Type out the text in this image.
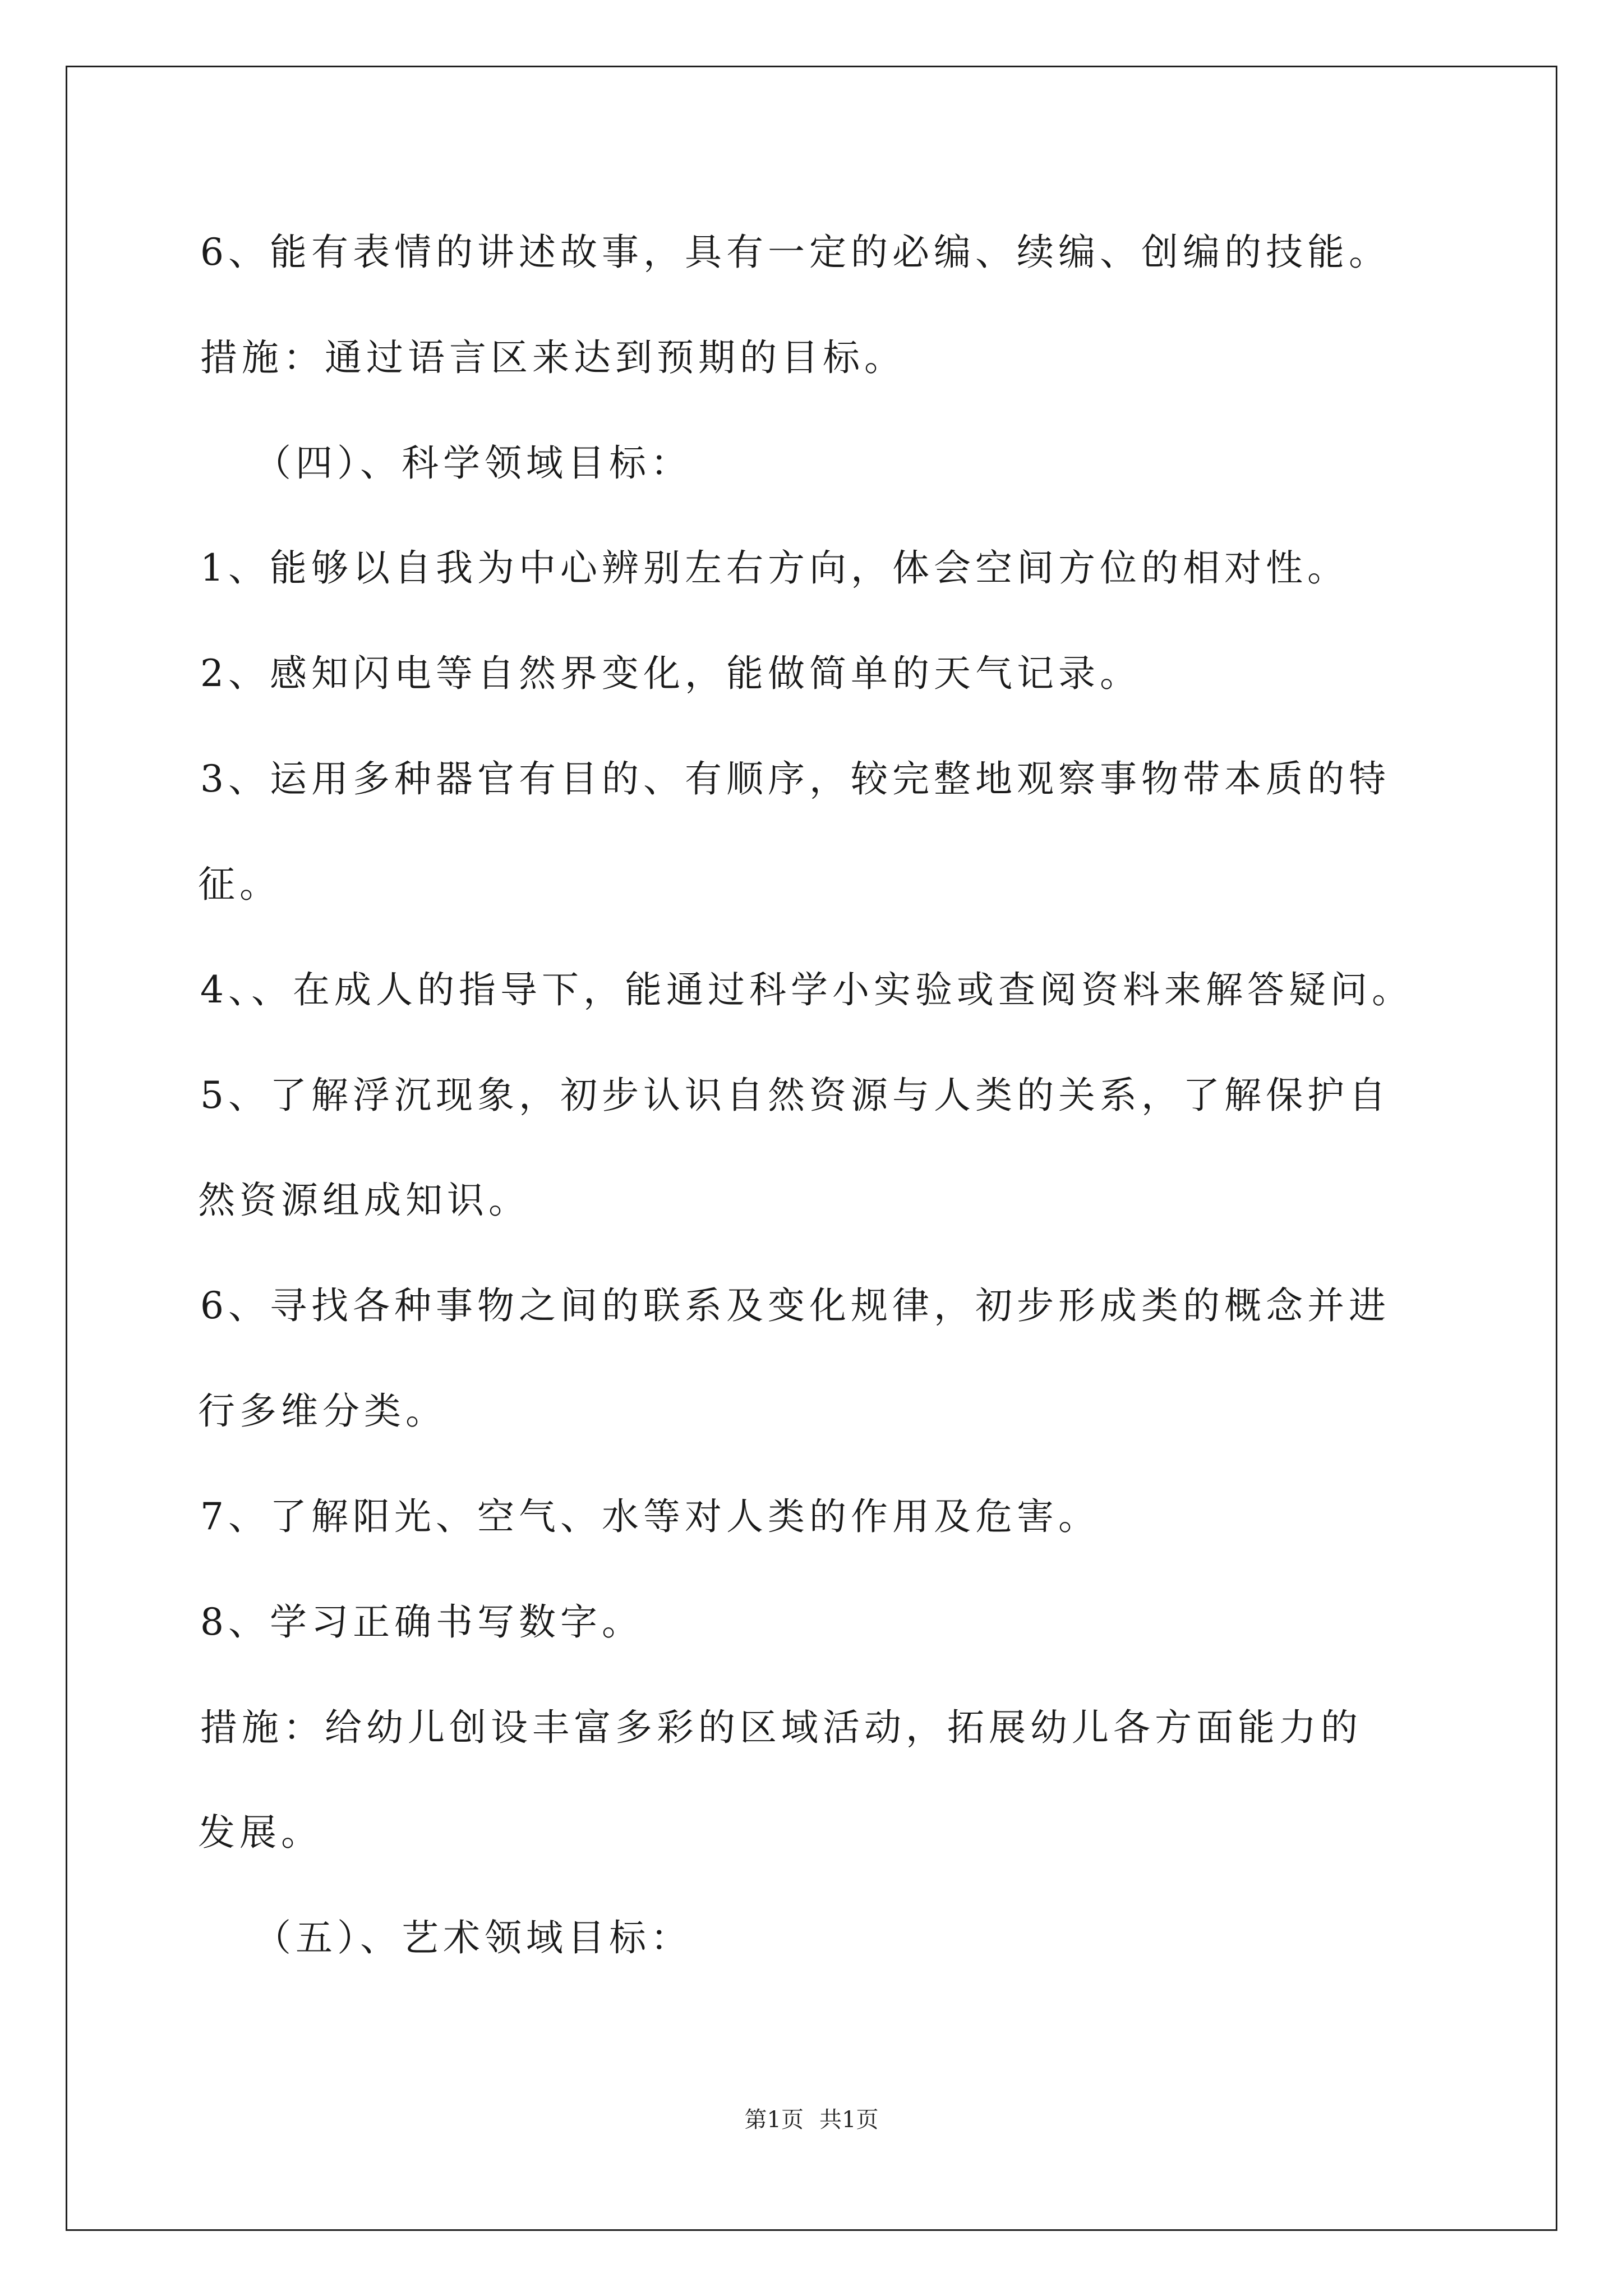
6、能有表情的讲述故事，具有一定的必编、续编、创编的技能。
措施：通过语言区来达到预期的目标。
（四）、科学领域目标：
1、能够以自我为中心辨别左右方向，体会空间方位的相对性。
2、感知闪电等自然界变化，能做简单的天气记录。
3、运用多种器官有目的、有顺序，较完整地观察事物带本质的特
征。
4、、在成人的指导下，能通过科学小实验或查阅资料来解答疑问。
5、了解浮沉现象，初步认识自然资源与人类的关系，了解保护自
然资源组成知识。
6、寻找各种事物之间的联系及变化规律，初步形成类的概念并进
行多维分类。
7、了解阳光、空气、水等对人类的作用及危害。
8、学习正确书写数字。
措施：给幼儿创设丰富多彩的区域活动，拓展幼儿各方面能力的
发展。
（五）、艺术领域目标：
第1页 共1页
